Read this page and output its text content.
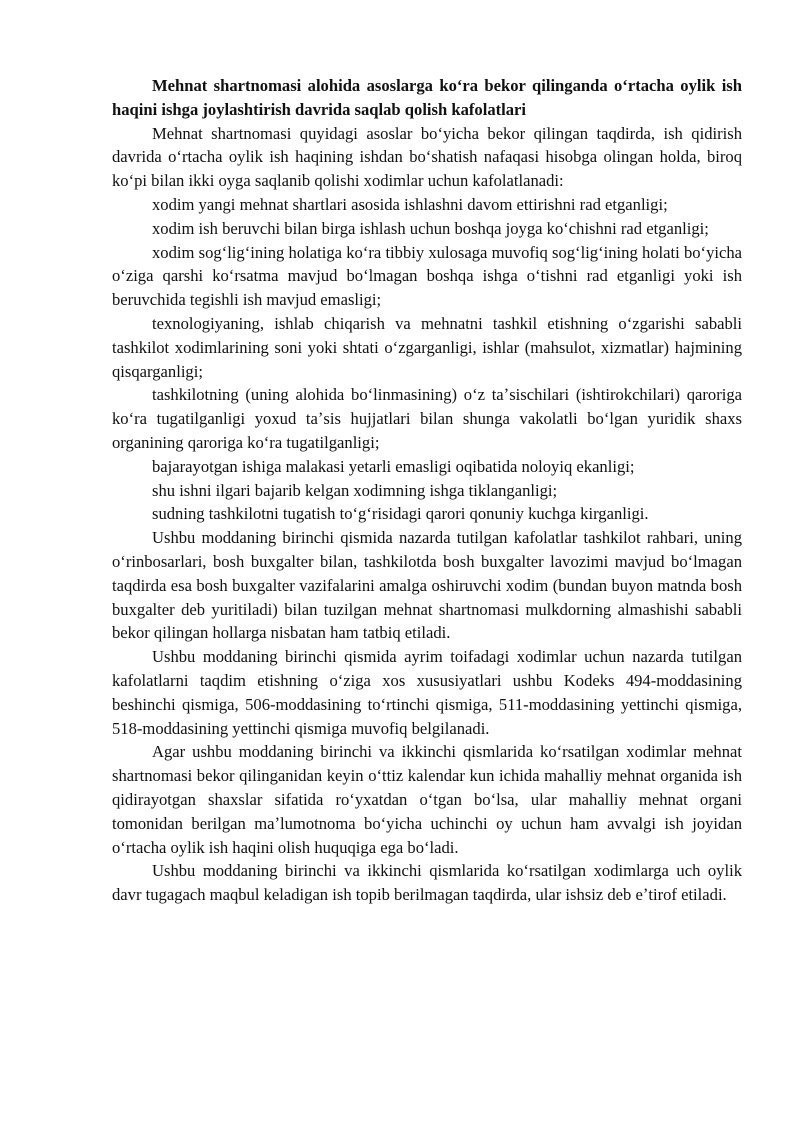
Mehnat shartnomasi alohida asoslarga koʻra bekor qilinganda oʻrtacha oylik ish haqini ishga joylashtirish davrida saqlab qolish kafolatlari

Mehnat shartnomasi quyidagi asoslar boʻyicha bekor qilingan taqdirda, ish qidirish davrida oʻrtacha oylik ish haqining ishdan boʻshatish nafaqasi hisobga olingan holda, biroq koʻpi bilan ikki oyga saqlanib qolishi xodimlar uchun kafolatlanadi:

xodim yangi mehnat shartlari asosida ishlashni davom ettirishni rad etganligi;

xodim ish beruvchi bilan birga ishlash uchun boshqa joyga koʻchishni rad etganligi;

xodim sogʻligʻining holatiga koʻra tibbiy xulosaga muvofiq sogʻligʻining holati boʻyicha oʻziga qarshi koʻrsatma mavjud boʻlmagan boshqa ishga oʻtishni rad etganligi yoki ish beruvchida tegishli ish mavjud emasligi;

texnologiyaning, ishlab chiqarish va mehnatni tashkil etishning oʻzgarishi sababli tashkilot xodimlarining soni yoki shtati oʻzgarganligi, ishlar (mahsulot, xizmatlar) hajmining qisqarganligi;

tashkilotning (uning alohida boʻlinmasining) oʻz taʼsischilari (ishtirokchilari) qaroriga koʻra tugatilganligi yoxud taʼsis hujjatlari bilan shunga vakolatli boʻlgan yuridik shaxs organining qaroriga koʻra tugatilganligi;

bajarayotgan ishiga malakasi yetarli emasligi oqibatida noloyiq ekanligi;

shu ishni ilgari bajarib kelgan xodimning ishga tiklanganligi;

sudning tashkilotni tugatish toʻgʻrisidagi qarori qonuniy kuchga kirganligi.

Ushbu moddaning birinchi qismida nazarda tutilgan kafolatlar tashkilot rahbari, uning oʻrinbosarlari, bosh buxgalter bilan, tashkilotda bosh buxgalter lavozimi mavjud boʻlmagan taqdirda esa bosh buxgalter vazifalarini amalga oshiruvchi xodim (bundan buyon matnda bosh buxgalter deb yuritiladi) bilan tuzilgan mehnat shartnomasi mulkdorning almashishi sababli bekor qilingan hollarga nisbatan ham tatbiq etiladi.

Ushbu moddaning birinchi qismida ayrim toifadagi xodimlar uchun nazarda tutilgan kafolatlarni taqdim etishning oʻziga xos xususiyatlari ushbu Kodeks 494-moddasining beshinchi qismiga, 506-moddasining toʻrtinchi qismiga, 511-moddasining yettinchi qismiga, 518-moddasining yettinchi qismiga muvofiq belgilanadi.

Agar ushbu moddaning birinchi va ikkinchi qismlarida koʻrsatilgan xodimlar mehnat shartnomasi bekor qilinganidan keyin oʻttiz kalendar kun ichida mahalliy mehnat organida ish qidirayotgan shaxslar sifatida roʻyxatdan oʻtgan boʻlsa, ular mahalliy mehnat organi tomonidan berilgan maʼlumotnoma boʻyicha uchinchi oy uchun ham avvalgi ish joyidan oʻrtacha oylik ish haqini olish huquqiga ega boʻladi.

Ushbu moddaning birinchi va ikkinchi qismlarida koʻrsatilgan xodimlarga uch oylik davr tugagach maqbul keladigan ish topib berilmagan taqdirda, ular ishsiz deb eʼtirof etiladi.
